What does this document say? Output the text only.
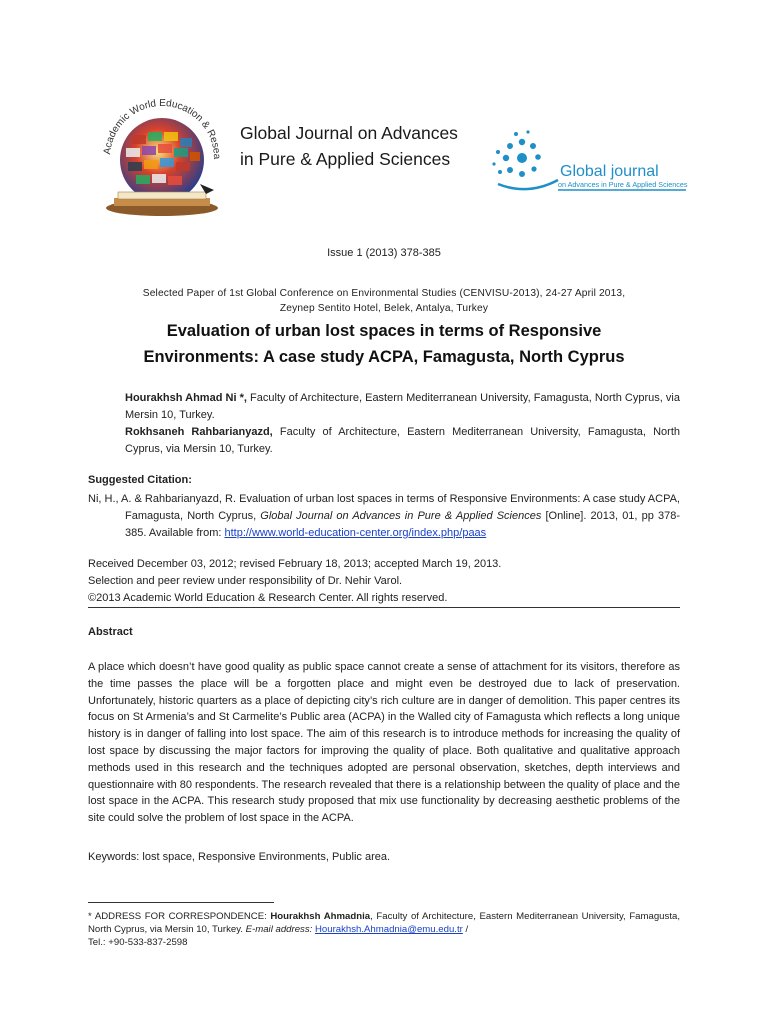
Academic World Education & Resea
Global Journal on Advances
in Pure & Applied Sciences
Global journal
on Advances in Pure & Applied Sciences
Issue 1 (2013) 378-385
Selected Paper of 1st Global Conference on Environmental Studies (CENVISU-2013), 24-27 April 2013,
Zeynep Sentito Hotel, Belek, Antalya, Turkey
Evaluation of urban lost spaces in terms of Responsive
Environments: A case study ACPA, Famagusta, North Cyprus

Hourakhsh Ahmad Ni *, Faculty of Architecture, Eastern Mediterranean University, Famagusta, North Cyprus, via Mersin 10, Turkey.

Rokhsaneh Rahbarianyazd, Faculty of Architecture, Eastern Mediterranean University, Famagusta, North Cyprus, via Mersin 10, Turkey.

Suggested Citation:

Ni, H., A. & Rahbarianyazd, R. Evaluation of urban lost spaces in terms of Responsive Environments: A case study ACPA, Famagusta, North Cyprus, Global Journal on Advances in Pure & Applied Sciences [Online]. 2013, 01, pp 378-385. Available from: http://www.world-education-center.org/index.php/paas

Received December 03, 2012; revised February 18, 2013; accepted March 19, 2013.
Selection and peer review under responsibility of Dr. Nehir Varol.
©2013 Academic World Education & Research Center. All rights reserved.
Abstract
A place which doesn’t have good quality as public space cannot create a sense of attachment for its visitors, therefore as the time passes the place will be a forgotten place and might even be destroyed due to lack of preservation. Unfortunately, historic quarters as a place of depicting city’s rich culture are in danger of demolition. This paper centres its focus on St Armenia’s and St Carmelite’s Public area (ACPA) in the Walled city of Famagusta which reflects a long unique history is in danger of falling into lost space. The aim of this research is to introduce methods for increasing the quality of lost space by discussing the major factors for improving the quality of place. Both qualitative and qualitative approach methods used in this research and the techniques adopted are personal observation, sketches, depth interviews and questionnaire with 80 respondents. The research revealed that there is a relationship between the quality of place and the lost space in the ACPA. This research study proposed that mix use functionality by decreasing aesthetic problems of the site could solve the problem of lost space in the ACPA.
Keywords: lost space, Responsive Environments, Public area.
* ADDRESS FOR CORRESPONDENCE: Hourakhsh Ahmadnia, Faculty of Architecture, Eastern Mediterranean University, Famagusta, North Cyprus, via Mersin 10, Turkey. E-mail address: Hourakhsh.Ahmadnia@emu.edu.tr /
Tel.: +90-533-837-2598
